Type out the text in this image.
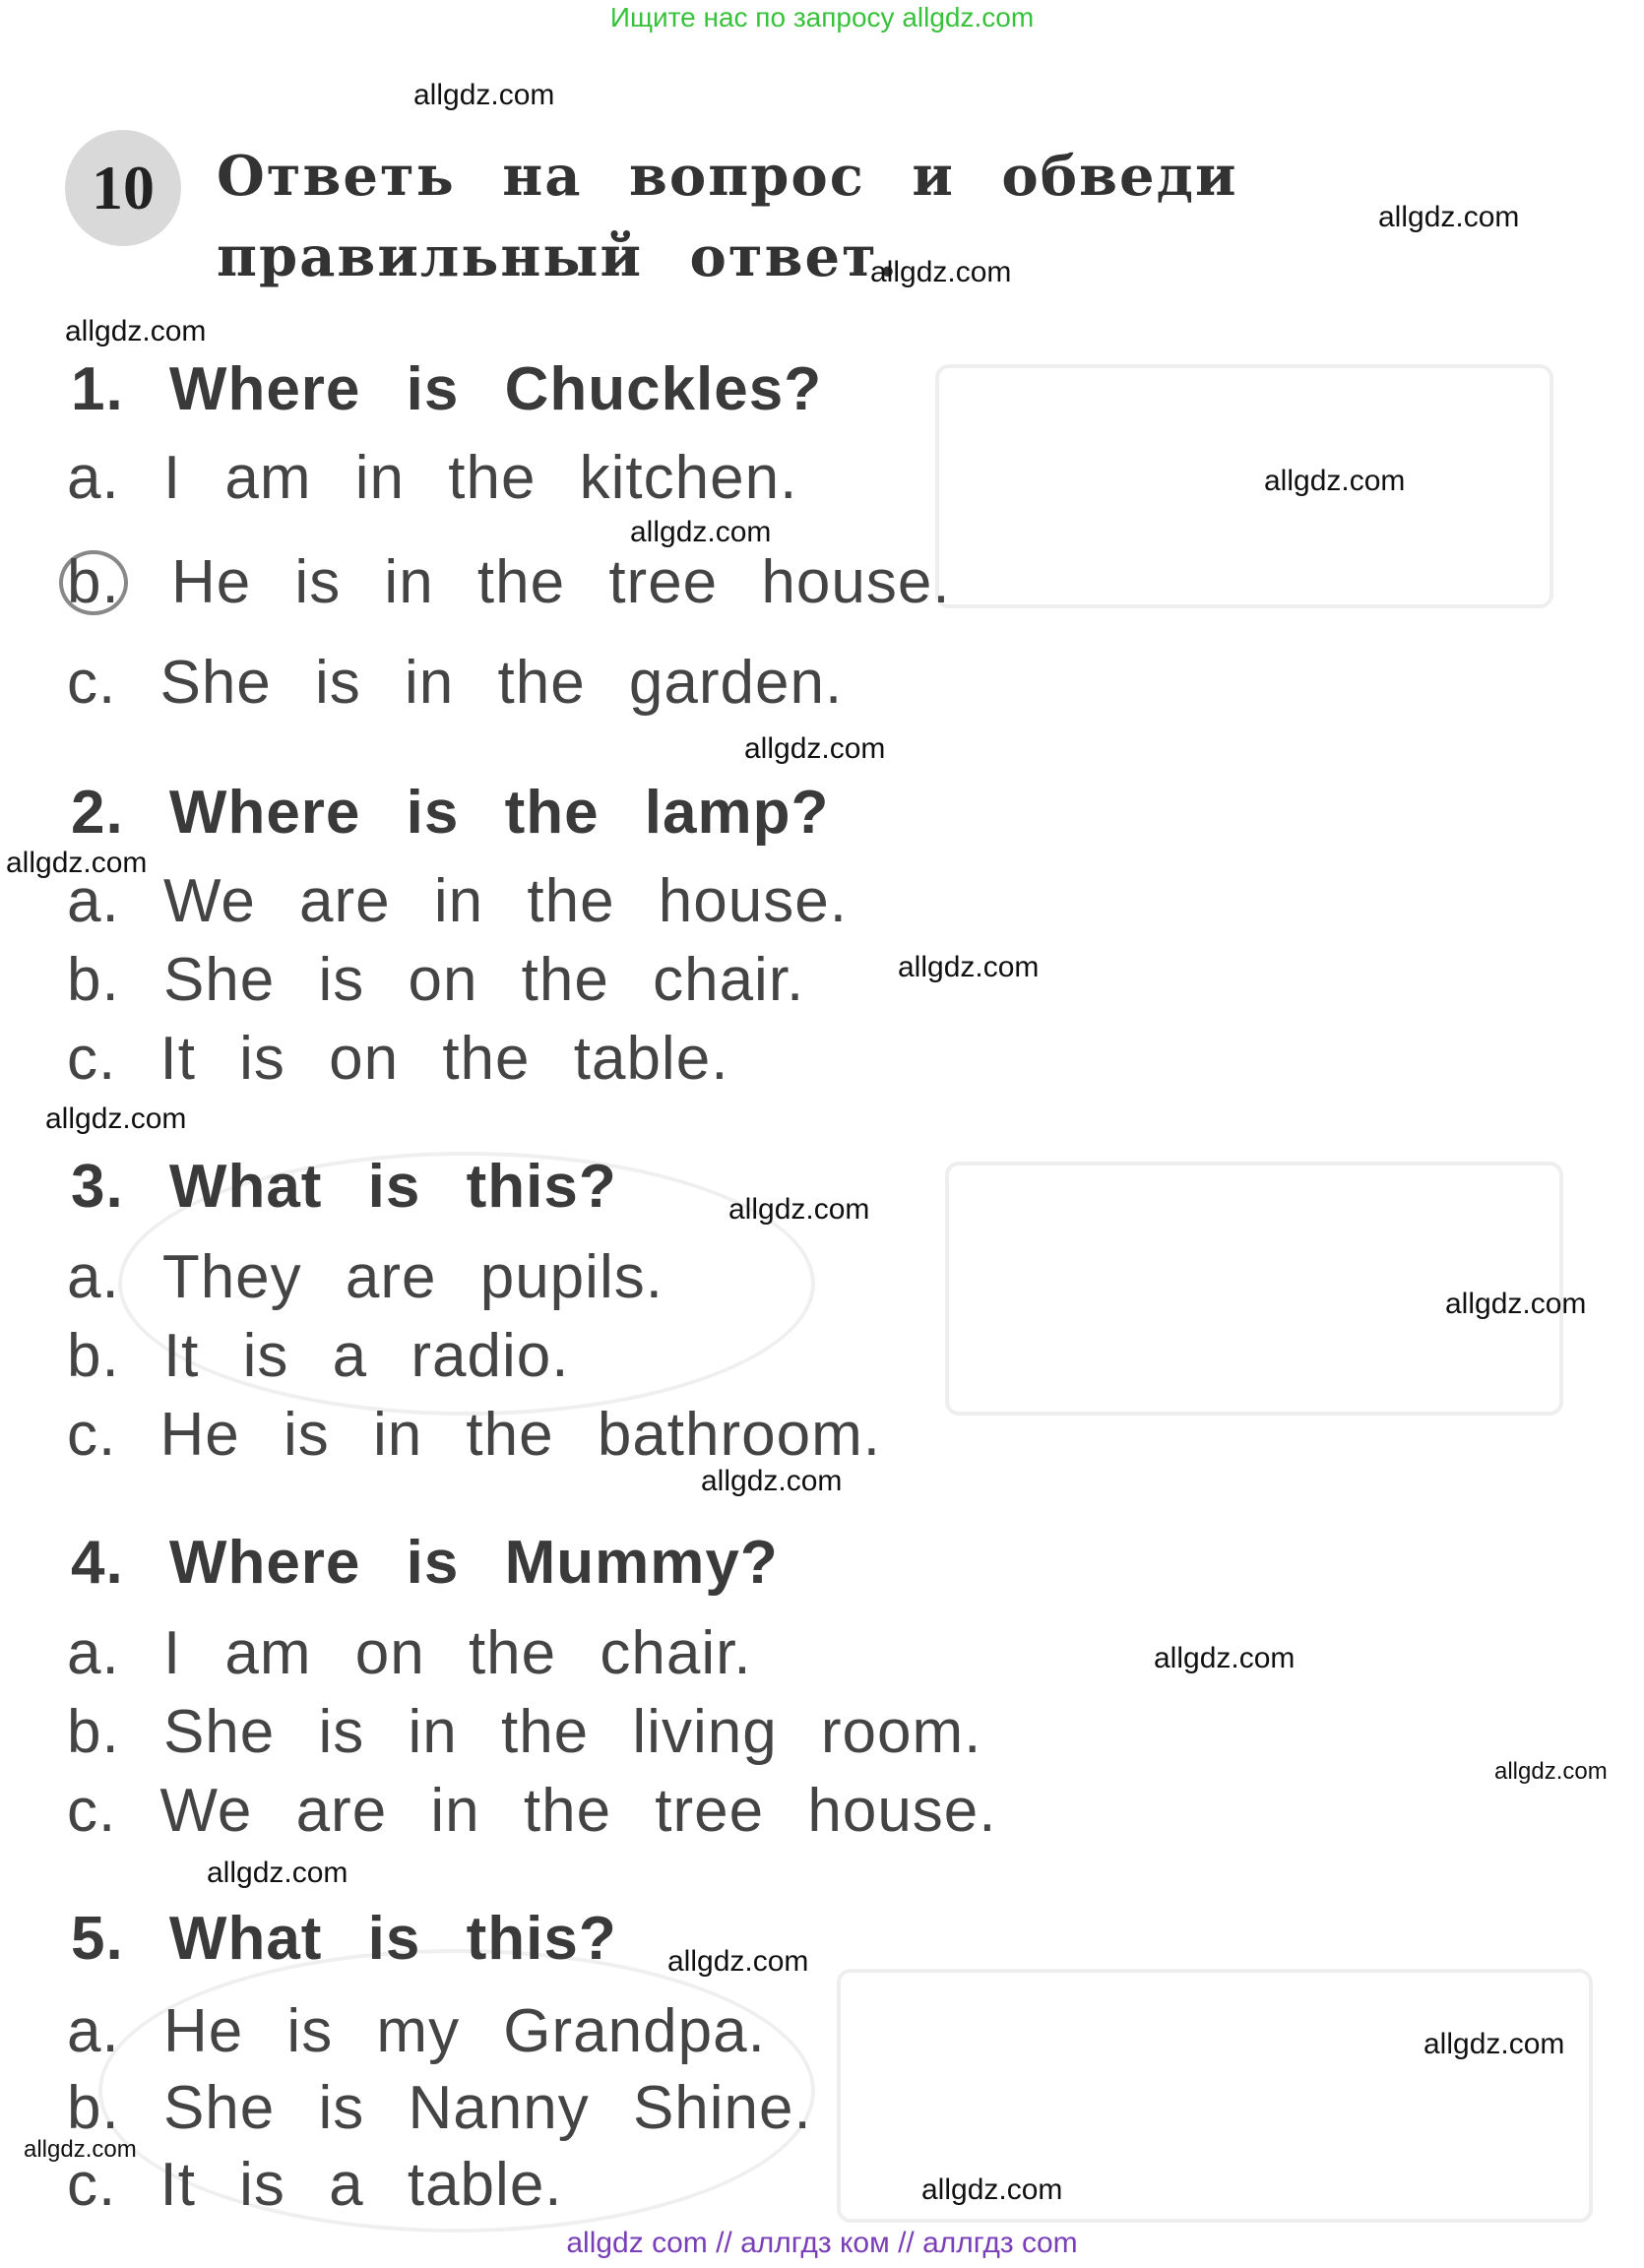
Ищите нас по запросу allgdz.com
10	Ответь на вопрос и обведи правильный ответ.
1. Where is Chuckles?
a. I am in the kitchen.
b. He is in the tree house.
c. She is in the garden.
2. Where is the lamp?
a. We are in the house.
b. She is on the chair.
c. It is on the table.
3. What is this?
a. They are pupils.
b. It is a radio.
c. He is in the bathroom.
4. Where is Mummy?
a. I am on the chair.
b. She is in the living room.
c. We are in the tree house.
5. What is this?
a. He is my Grandpa.
b. She is Nanny Shine.
c. It is a table.
allgdz.com
allgdz.com
allgdz.com
allgdz.com
allgdz.com
allgdz.com
allgdz.com
allgdz.com
allgdz.com
allgdz.com
allgdz.com
allgdz.com
allgdz.com
allgdz.com
allgdz.com
allgdz.com
allgdz.com
allgdz.com
allgdz.com
allgdz.com
allgdz com // аллгдз ком // аллгдз сom
